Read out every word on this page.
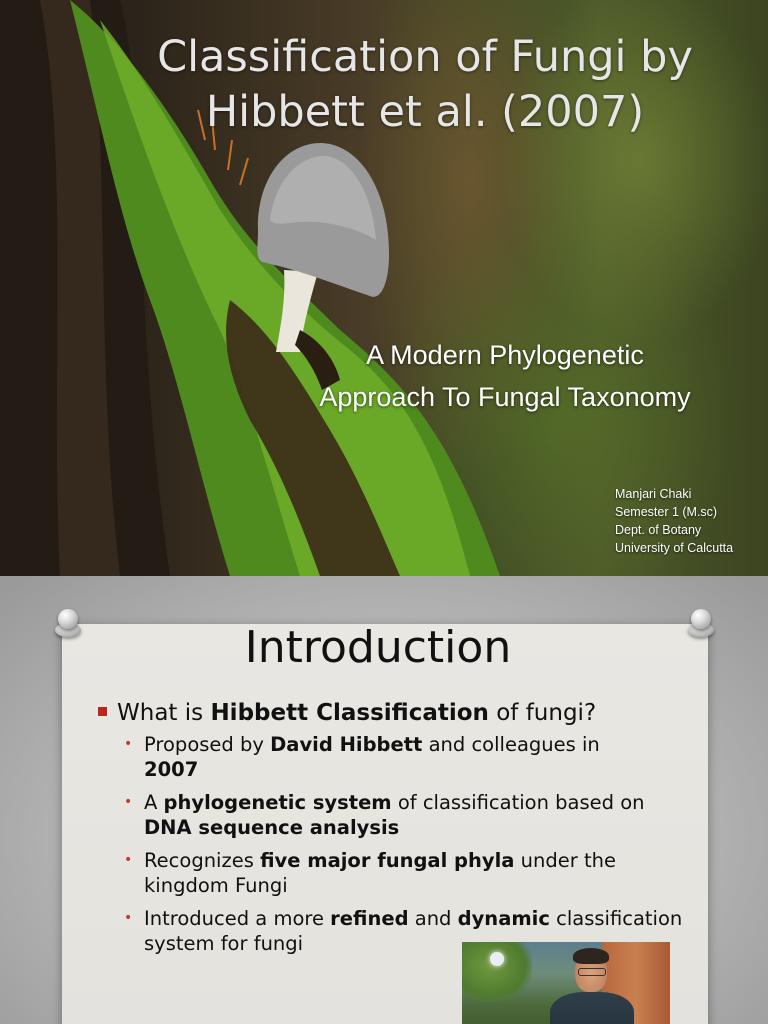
Classification of Fungi by
Hibbett et al. (2007)
A Modern Phylogenetic
Approach To Fungal Taxonomy
Manjari Chaki
Semester 1 (M.sc)
Dept. of Botany
University of Calcutta
Introduction
What is Hibbett Classification of fungi?
• Proposed by David Hibbett and colleagues in
2007
• A phylogenetic system of classification based on DNA sequence analysis
• Recognizes five major fungal phyla under the kingdom Fungi
• Introduced a more refined and dynamic classification system for fungi
